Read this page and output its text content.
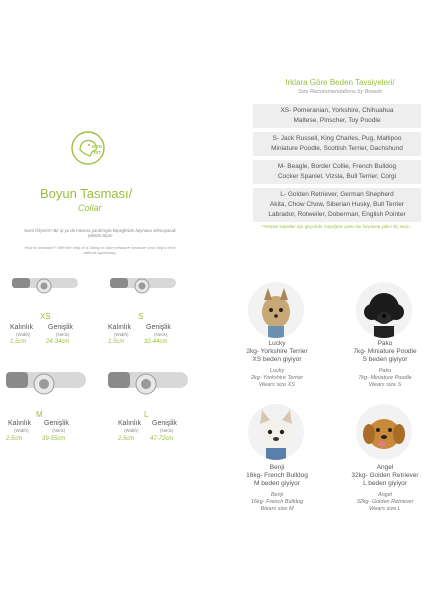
DOG
IST
Boyun Tasması/
Collar
Nasıl Ölçerim? Bir ip ya da mezura yardımıyla köpeğinizin boynunu sıkmayacak şekilde ölçün
How to measure? With the help of a String or tape measure measure your dog's neck without squeezing.
XS
Kalınlık
(Width)
1,5cm
Genişlik
(Neck)
24-34cm
S
Kalınlık
(Width)
1,5cm
Genişlik
(Neck)
32-44cm
M
Kalınlık
(Width)
2,5cm
Genişlik
(Neck)
39-55cm
L
Kalınlık
(Width)
2,5cm
Genişlik
(Neck)
47-72cm
Irklara Göre Beden Tavsiyeleri/
Size Recommendations by Breeds
XS- Pomeranian, Yorkshire, Chihuahua
Maltese, Pinscher, Toy Poodle
S- Jack Russell, King Charles, Pug, Maltipoo
Miniature Poodle, Scottish Terrier, Dachshund
M- Beagle, Border Collie, French Bulldog
Cocker Spaniel, Vizsla, Bull Terrier, Corgi
L- Golden Retriever, German Shepherd
Akita, Chow Chow, Siberian Husky, Bull Terrier
Labrador, Rotweiler, Doberman, English Pointer
*Yetişkin köpekler için geçerlidir. Köpeğiniz yavru ise boyutuna yakın ölç seçin.
Lucky
2kg- Yorkshire Terrier
XS beden giyiyor
Lucky
2kg- Yorkshire Terrier
Wears size XS
Pako
7kg- Miniature Poodle
S beden giyiyor
Pako
7kg- Miniature Poodle
Wears size S
Benji
16kg- French Bulldog
M beden giyiyor
Benji
16kg- French Bulldog
Wears size M
Angel
32kg- Golden Retriever
L beden giyiyor
Angel
32kg- Golden Retriever
Wears size L
